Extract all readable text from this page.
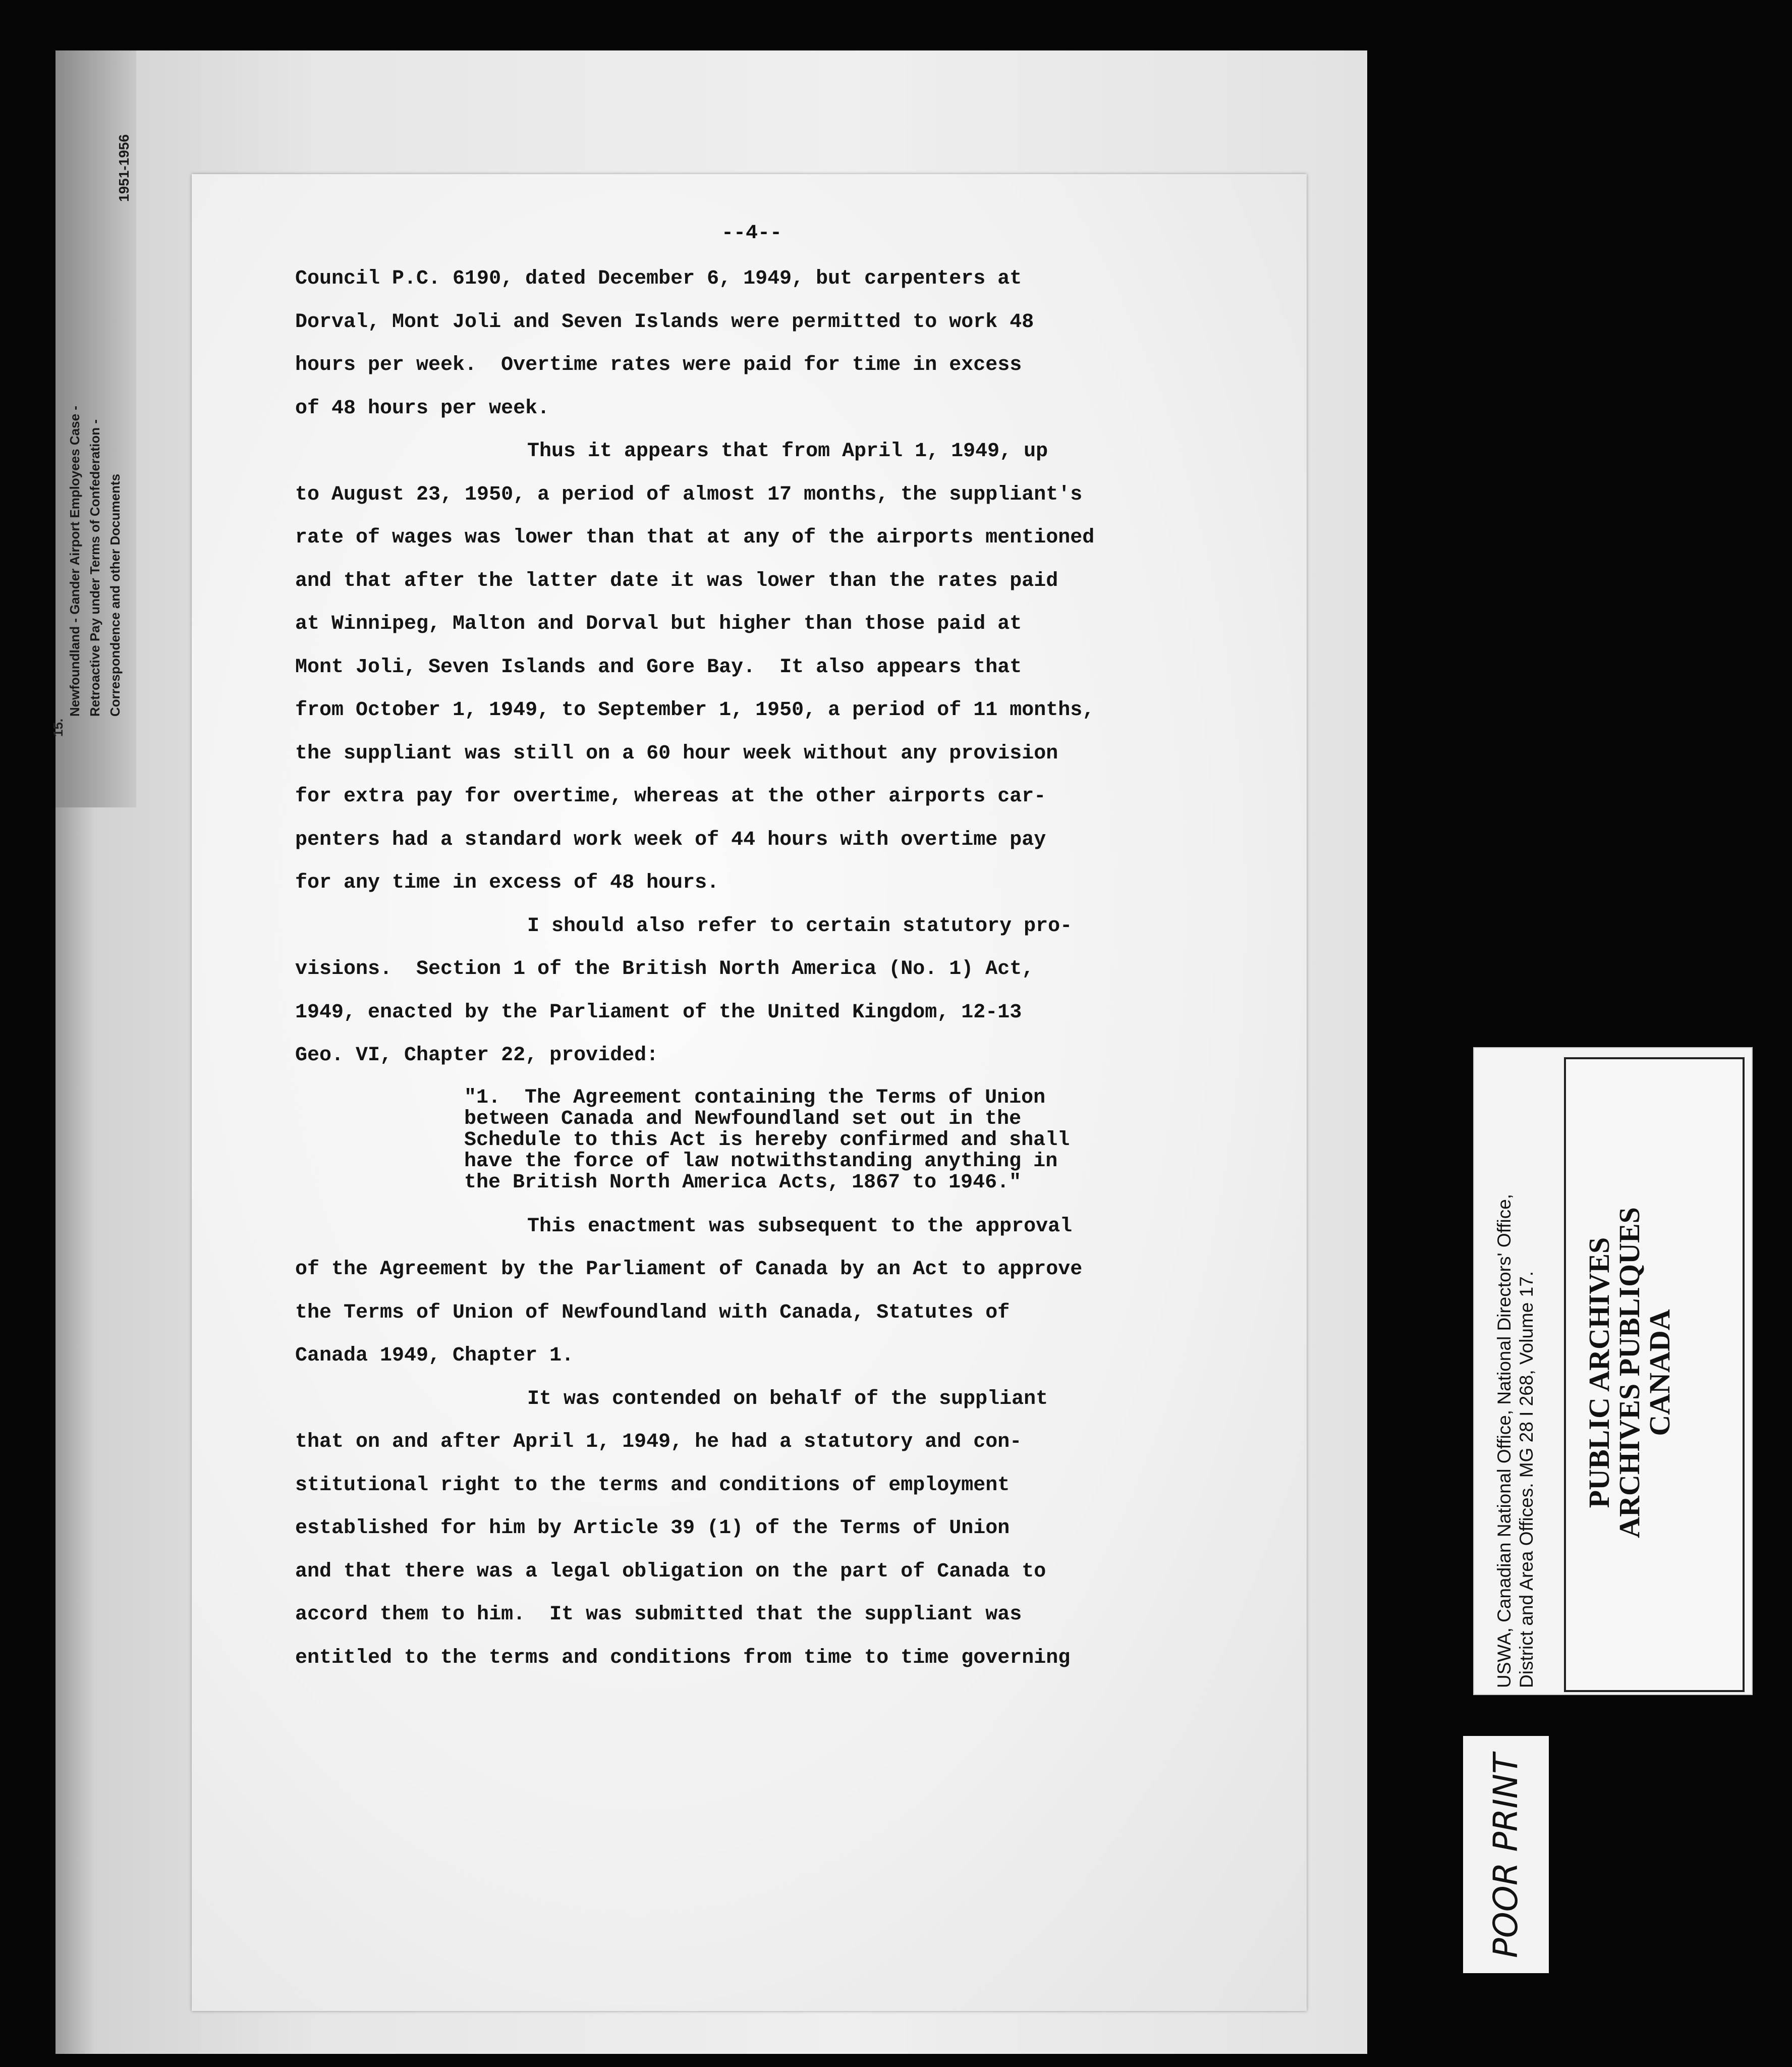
Newfoundland - Gander Airport Employees Case - Retroactive Pay under Terms of Confederation - Correspondence and other Documents
1951-1956
15.
--4--
Council P.C. 6190, dated December 6, 1949, but carpenters at
Dorval, Mont Joli and Seven Islands were permitted to work 48
hours per week.  Overtime rates were paid for time in excess
of 48 hours per week.
Thus it appears that from April 1, 1949, up
to August 23, 1950, a period of almost 17 months, the suppliant's
rate of wages was lower than that at any of the airports mentioned
and that after the latter date it was lower than the rates paid
at Winnipeg, Malton and Dorval but higher than those paid at
Mont Joli, Seven Islands and Gore Bay.  It also appears that
from October 1, 1949, to September 1, 1950, a period of 11 months,
the suppliant was still on a 60 hour week without any provision
for extra pay for overtime, whereas at the other airports car-
penters had a standard work week of 44 hours with overtime pay
for any time in excess of 48 hours.
I should also refer to certain statutory pro-
visions.  Section 1 of the British North America (No. 1) Act,
1949, enacted by the Parliament of the United Kingdom, 12-13
Geo. VI, Chapter 22, provided:
"1.  The Agreement containing the Terms of Union
between Canada and Newfoundland set out in the
Schedule to this Act is hereby confirmed and shall
have the force of law notwithstanding anything in
the British North America Acts, 1867 to 1946."
This enactment was subsequent to the approval
of the Agreement by the Parliament of Canada by an Act to approve
the Terms of Union of Newfoundland with Canada, Statutes of
Canada 1949, Chapter 1.
It was contended on behalf of the suppliant
that on and after April 1, 1949, he had a statutory and con-
stitutional right to the terms and conditions of employment
established for him by Article 39 (1) of the Terms of Union
and that there was a legal obligation on the part of Canada to
accord them to him.  It was submitted that the suppliant was
entitled to the terms and conditions from time to time governing	USWA, Canadian National Office, National Directors' Office, District and Area Offices. MG 28 I 268, Volume 17. PUBLIC ARCHIVES
ARCHIVES PUBLIQUES
CANADA
POOR PRINT
